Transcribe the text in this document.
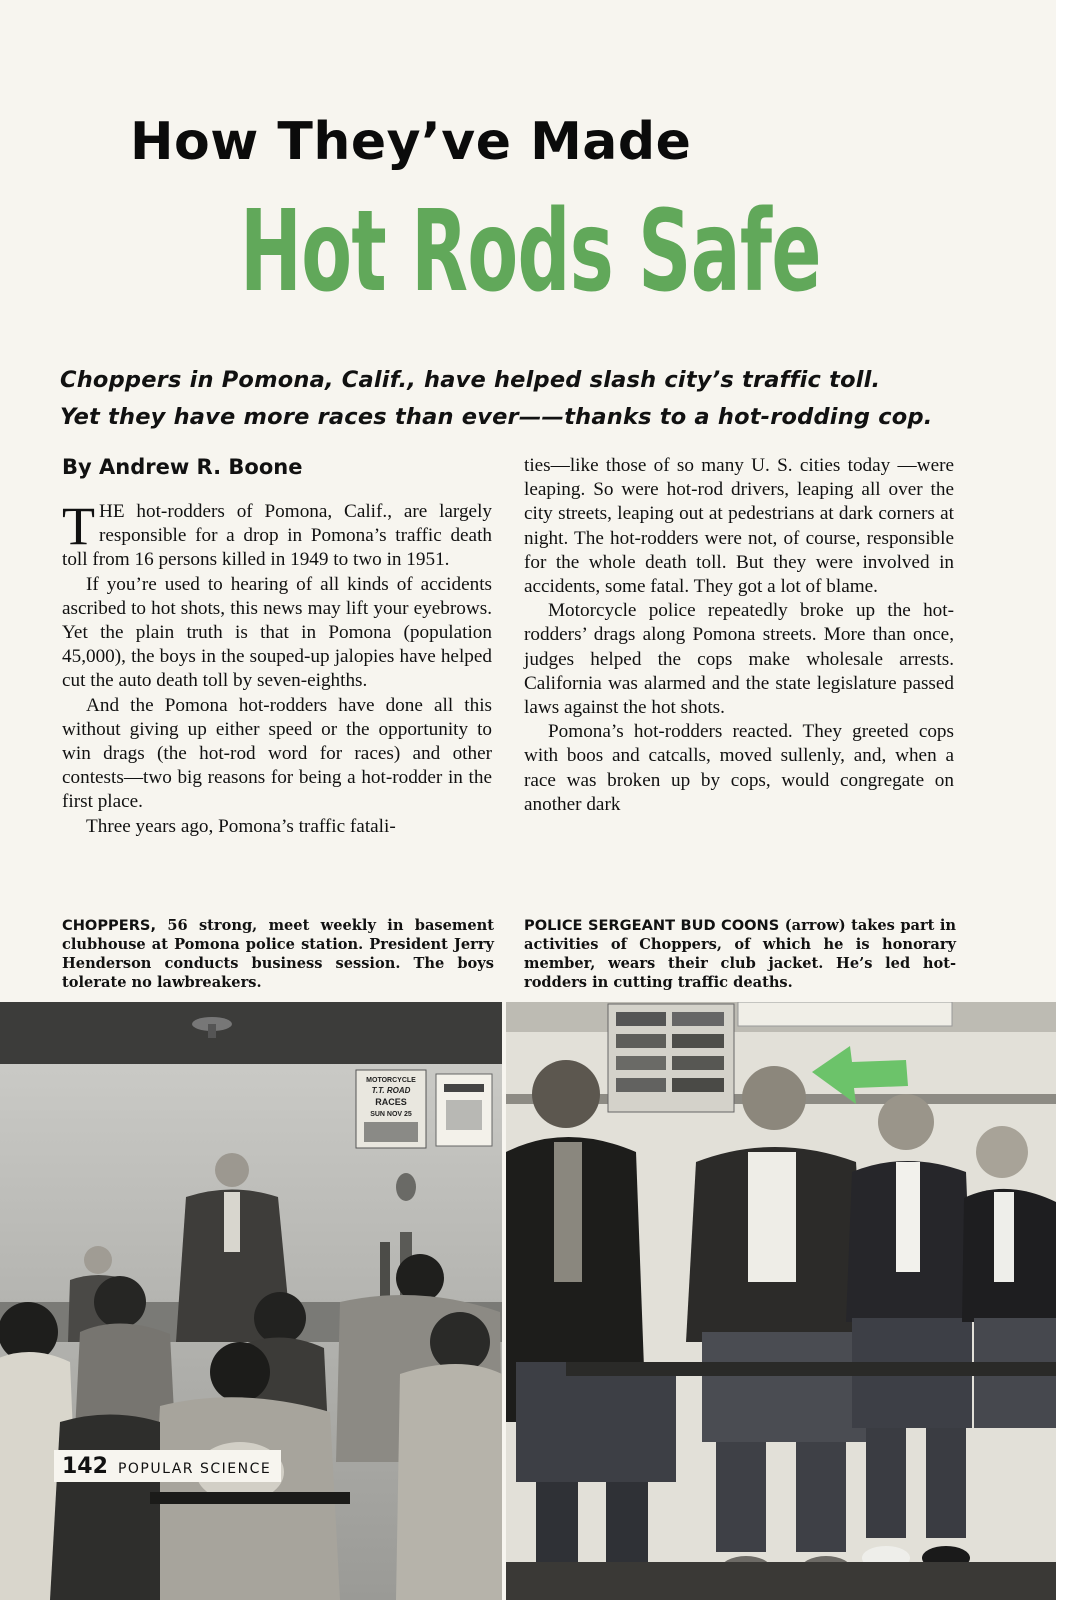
How They’ve Made
Hot Rods Safe
Choppers in Pomona, Calif., have helped slash city’s traffic toll.
Yet they have more races than ever——thanks to a hot-rodding cop.
By Andrew R. Boone

THE hot-rodders of Pomona, Calif., are largely responsible for a drop in Pomona’s traffic death toll from 16 persons killed in 1949 to two in 1951.

If you’re used to hearing of all kinds of accidents ascribed to hot shots, this news may lift your eyebrows. Yet the plain truth is that in Pomona (population 45,000), the boys in the souped-up jalopies have helped cut the auto death toll by seven-eighths.

And the Pomona hot-rodders have done all this without giving up either speed or the opportunity to win drags (the hot-rod word for races) and other contests—two big reasons for being a hot-rodder in the first place.

Three years ago, Pomona’s traffic fatali-

ties—like those of so many U. S. cities today —were leaping. So were hot-rod drivers, leaping all over the city streets, leaping out at pedestrians at dark corners at night. The hot-rodders were not, of course, responsible for the whole death toll. But they were involved in accidents, some fatal. They got a lot of blame.

Motorcycle police repeatedly broke up the hot-rodders’ drags along Pomona streets. More than once, judges helped the cops make wholesale arrests. California was alarmed and the state legislature passed laws against the hot shots.

Pomona’s hot-rodders reacted. They greeted cops with boos and catcalls, moved sullenly, and, when a race was broken up by cops, would congregate on another dark

CHOPPERS, 56 strong, meet weekly in basement clubhouse at Pomona police station. President Jerry Henderson conducts business session. The boys tolerate no lawbreakers.
POLICE SERGEANT BUD COONS (arrow) takes part in activities of Choppers, of which he is honorary member, wears their club jacket. He’s led hot-rodders in cutting traffic deaths.
MOTORCYCLE
T.T. ROAD
RACES
SUN NOV 25
142 POPULAR SCIENCE
